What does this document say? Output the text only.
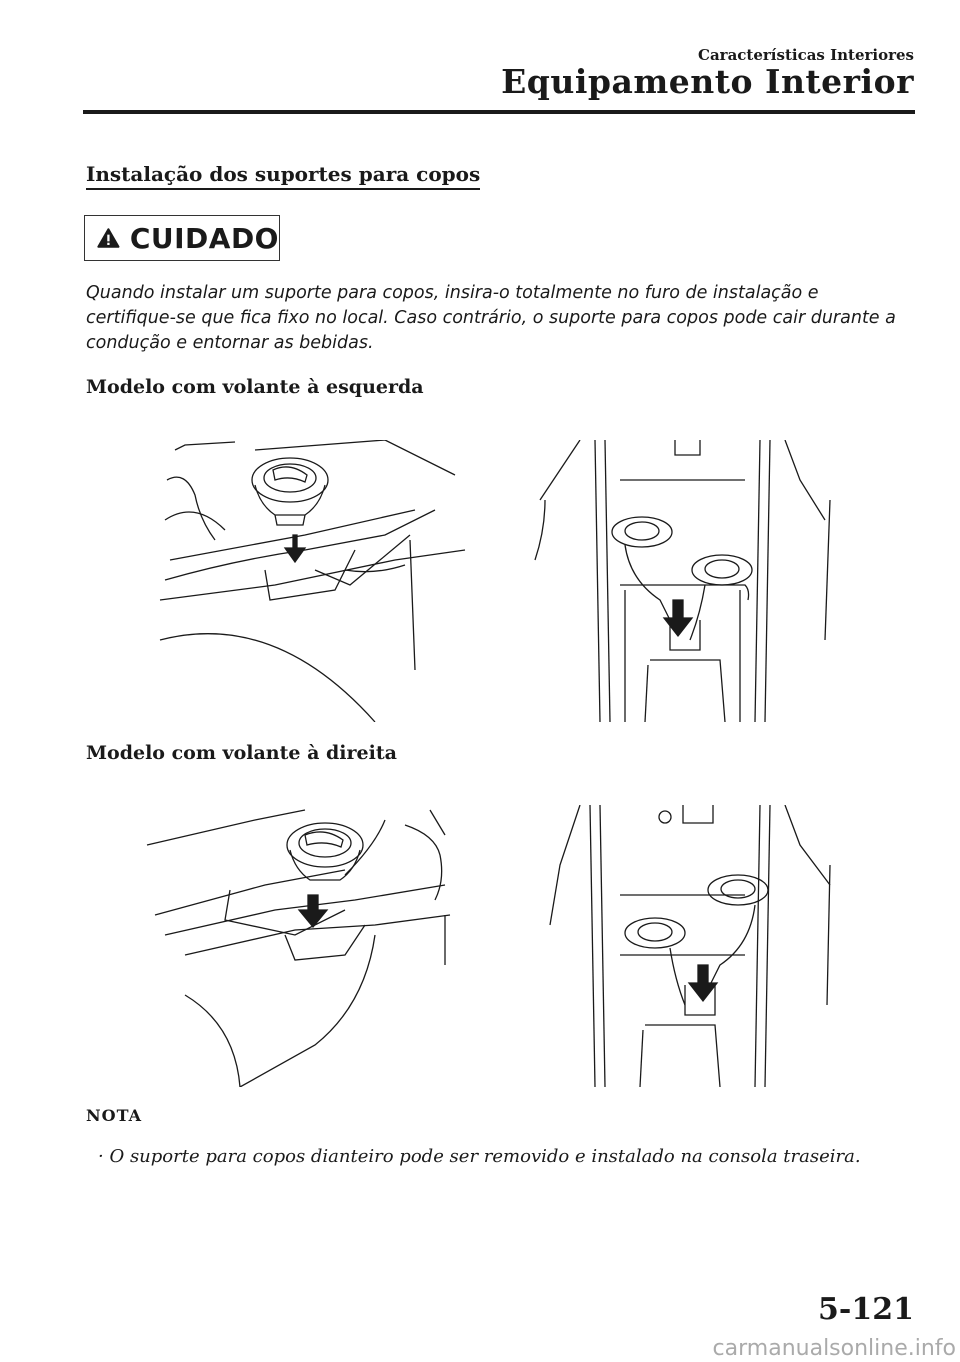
Características Interiores
Equipamento Interior
Instalação dos suportes para copos
CUIDADO
Quando instalar um suporte para copos, insira-o totalmente no furo de instalação e certifique-se que fica fixo no local. Caso contrário, o suporte para copos pode cair durante a condução e entornar as bebidas.
Modelo com volante à esquerda
Modelo com volante à direita
NOTA
· O suporte para copos dianteiro pode ser removido e instalado na consola traseira.
5-121
carmanualsonline.info
